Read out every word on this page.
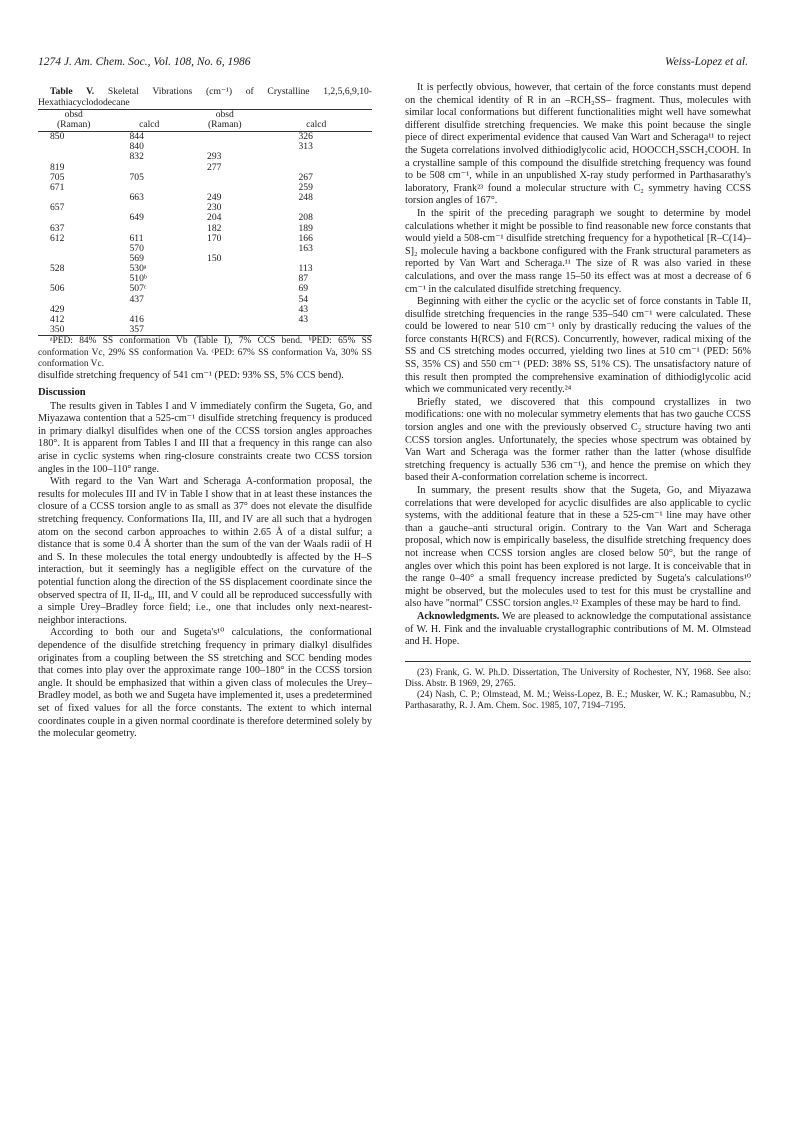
1274 J. Am. Chem. Soc., Vol. 108, No. 6, 1986	Weiss-Lopez et al.

Table V. Skeletal Vibrations (cm⁻¹) of Crystalline 1,2,5,6,9,10-Hexathiacyclododecane

obsd		obsd	
(Raman)	calcd	(Raman)	calcd
850	844		326
	840		313
	832	293	
819		277	
705	705		267
671			259
	663	249	248
657		230	
	649	204	208
637		182	189
612	611	170	166
	570		163
	569	150	
528	530ᵃ		113
	510ᵇ		87
506	507ᶜ		69
	437		54
429			43
412	416		43
350	357		

ᵃPED: 84% SS conformation Vb (Table I), 7% CCS bend. ᵇPED: 65% SS conformation Vc, 29% SS conformation Va. ᶜPED: 67% SS conformation Va, 30% SS conformation Vc.

disulfide stretching frequency of 541 cm⁻¹ (PED: 93% SS, 5% CCS bend).

Discussion

The results given in Tables I and V immediately confirm the Sugeta, Go, and Miyazawa contention that a 525-cm⁻¹ disulfide stretching frequency is produced in primary dialkyl disulfides when one of the CCSS torsion angles approaches 180°. It is apparent from Tables I and III that a frequency in this range can also arise in cyclic systems when ring-closure constraints create two CCSS torsion angles in the 100–110° range.

With regard to the Van Wart and Scheraga A-conformation proposal, the results for molecules III and IV in Table I show that in at least these instances the closure of a CCSS torsion angle to as small as 37° does not elevate the disulfide stretching frequency. Conformations IIa, III, and IV are all such that a hydrogen atom on the second carbon approaches to within 2.65 Å of a distal sulfur; a distance that is some 0.4 Å shorter than the sum of the van der Waals radii of H and S. In these molecules the total energy undoubtedly is affected by the H–S interaction, but it seemingly has a negligible effect on the curvature of the potential function along the direction of the SS displacement coordinate since the observed spectra of II, II-d₈, III, and V could all be reproduced successfully with a simple Urey–Bradley force field; i.e., one that includes only next-nearest-neighbor interactions.

According to both our and Sugeta's¹⁰ calculations, the conformational dependence of the disulfide stretching frequency in primary dialkyl disulfides originates from a coupling between the SS stretching and SCC bending modes that comes into play over the approximate range 100–180° in the CCSS torsion angle. It should be emphasized that within a given class of molecules the Urey–Bradley model, as both we and Sugeta have implemented it, uses a predetermined set of fixed values for all the force constants. The extent to which internal coordinates couple in a given normal coordinate is therefore determined solely by the molecular geometry.

It is perfectly obvious, however, that certain of the force constants must depend on the chemical identity of R in an –RCH₂SS– fragment. Thus, molecules with similar local conformations but different functionalities might well have somewhat different disulfide stretching frequencies. We make this point because the single piece of direct experimental evidence that caused Van Wart and Scheraga¹¹ to reject the Sugeta correlations involved dithiodiglycolic acid, HOOCCH₂SSCH₂COOH. In a crystalline sample of this compound the disulfide stretching frequency was found to be 508 cm⁻¹, while in an unpublished X-ray study performed in Parthasarathy's laboratory, Frank²³ found a molecular structure with C₂ symmetry having CCSS torsion angles of 167°.

In the spirit of the preceding paragraph we sought to determine by model calculations whether it might be possible to find reasonable new force constants that would yield a 508-cm⁻¹ disulfide stretching frequency for a hypothetical [R–C(14)–S]₂ molecule having a backbone configured with the Frank structural parameters as reported by Van Wart and Scheraga.¹¹ The size of R was also varied in these calculations, and over the mass range 15–50 its effect was at most a decrease of 6 cm⁻¹ in the calculated disulfide stretching frequency.

Beginning with either the cyclic or the acyclic set of force constants in Table II, disulfide stretching frequencies in the range 535–540 cm⁻¹ were calculated. These could be lowered to near 510 cm⁻¹ only by drastically reducing the values of the force constants H(RCS) and F(RCS). Concurrently, however, radical mixing of the SS and CS stretching modes occurred, yielding two lines at 510 cm⁻¹ (PED: 56% SS, 35% CS) and 550 cm⁻¹ (PED: 38% SS, 51% CS). The unsatisfactory nature of this result then prompted the comprehensive examination of dithiodiglycolic acid which we communicated very recently.²⁴

Briefly stated, we discovered that this compound crystallizes in two modifications: one with no molecular symmetry elements that has two gauche CCSS torsion angles and one with the previously observed C₂ structure having two anti CCSS torsion angles. Unfortunately, the species whose spectrum was obtained by Van Wart and Scheraga was the former rather than the latter (whose disulfide stretching frequency is actually 536 cm⁻¹), and hence the premise on which they based their A-conformation correlation scheme is incorrect.

In summary, the present results show that the Sugeta, Go, and Miyazawa correlations that were developed for acyclic disulfides are also applicable to cyclic systems, with the additional feature that in these a 525-cm⁻¹ line may have other than a gauche–anti structural origin. Contrary to the Van Wart and Scheraga proposal, which now is empirically baseless, the disulfide stretching frequency does not increase when CCSS torsion angles are closed below 50°, but the range of angles over which this point has been explored is not large. It is conceivable that in the range 0–40° a small frequency increase predicted by Sugeta's calculations¹⁰ might be observed, but the molecules used to test for this must be crystalline and also have "normal" CSSC torsion angles.¹² Examples of these may be hard to find.

Acknowledgments. We are pleased to acknowledge the computational assistance of W. H. Fink and the invaluable crystallographic contributions of M. M. Olmstead and H. Hope.

(23) Frank, G. W. Ph.D. Dissertation, The University of Rochester, NY, 1968. See also: Diss. Abstr. B 1969, 29, 2765.

(24) Nash, C. P.; Olmstead, M. M.; Weiss-Lopez, B. E.; Musker, W. K.; Ramasubbu, N.; Parthasarathy, R. J. Am. Chem. Soc. 1985, 107, 7194–7195.
